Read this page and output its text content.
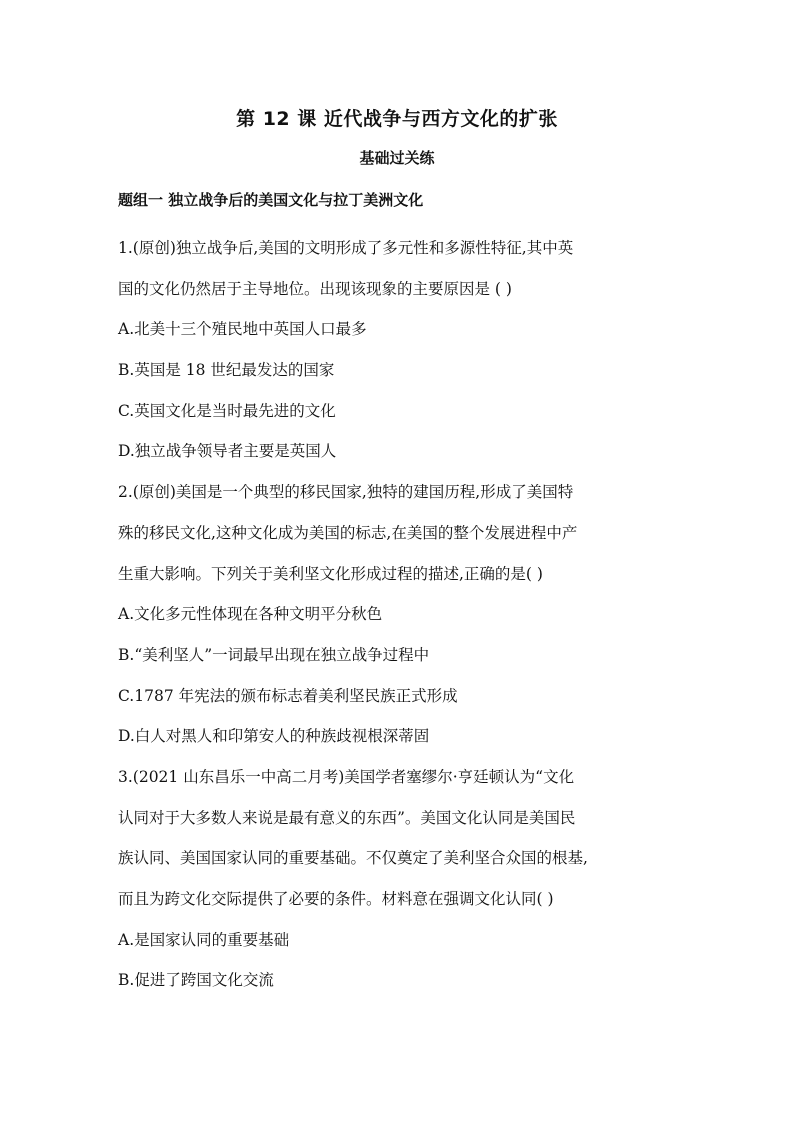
第 12 课 近代战争与西方文化的扩张
基础过关练
题组一 独立战争后的美国文化与拉丁美洲文化
1.(原创)独立战争后,美国的文明形成了多元性和多源性特征,其中英
国的文化仍然居于主导地位。出现该现象的主要原因是 ( )
A.北美十三个殖民地中英国人口最多
B.英国是 18 世纪最发达的国家
C.英国文化是当时最先进的文化
D.独立战争领导者主要是英国人
2.(原创)美国是一个典型的移民国家,独特的建国历程,形成了美国特
殊的移民文化,这种文化成为美国的标志,在美国的整个发展进程中产
生重大影响。下列关于美利坚文化形成过程的描述,正确的是( )
A.文化多元性体现在各种文明平分秋色
B.“美利坚人”一词最早出现在独立战争过程中
C.1787 年宪法的颁布标志着美利坚民族正式形成
D.白人对黑人和印第安人的种族歧视根深蒂固
3.(2021 山东昌乐一中高二月考)美国学者塞缪尔·亨廷顿认为“文化
认同对于大多数人来说是最有意义的东西”。美国文化认同是美国民
族认同、美国国家认同的重要基础。不仅奠定了美利坚合众国的根基,
而且为跨文化交际提供了必要的条件。材料意在强调文化认同( )
A.是国家认同的重要基础
B.促进了跨国文化交流
